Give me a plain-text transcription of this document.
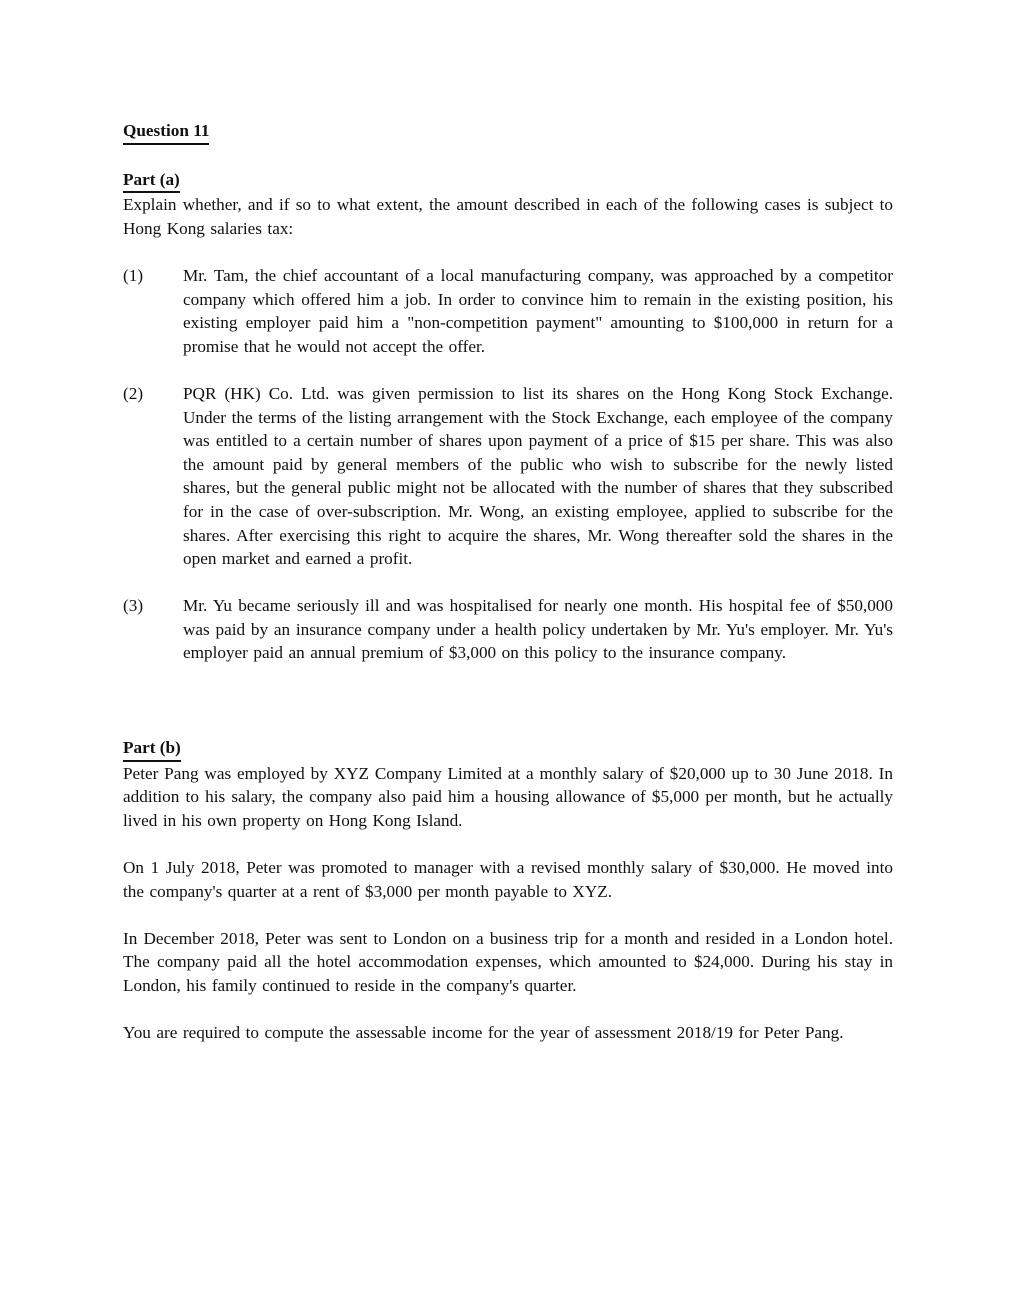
Question 11
Part (a)

Explain whether, and if so to what extent, the amount described in each of the following cases is subject to Hong Kong salaries tax:

(1)	Mr. Tam, the chief accountant of a local manufacturing company, was approached by a competitor company which offered him a job. In order to convince him to remain in the existing position, his existing employer paid him a "non-competition payment" amounting to $100,000 in return for a promise that he would not accept the offer.
(2)	PQR (HK) Co. Ltd. was given permission to list its shares on the Hong Kong Stock Exchange. Under the terms of the listing arrangement with the Stock Exchange, each employee of the company was entitled to a certain number of shares upon payment of a price of $15 per share. This was also the amount paid by general members of the public who wish to subscribe for the newly listed shares, but the general public might not be allocated with the number of shares that they subscribed for in the case of over-subscription. Mr. Wong, an existing employee, applied to subscribe for the shares. After exercising this right to acquire the shares, Mr. Wong thereafter sold the shares in the open market and earned a profit.
(3)	Mr. Yu became seriously ill and was hospitalised for nearly one month. His hospital fee of $50,000 was paid by an insurance company under a health policy undertaken by Mr. Yu's employer. Mr. Yu's employer paid an annual premium of $3,000 on this policy to the insurance company.
Part (b)

Peter Pang was employed by XYZ Company Limited at a monthly salary of $20,000 up to 30 June 2018. In addition to his salary, the company also paid him a housing allowance of $5,000 per month, but he actually lived in his own property on Hong Kong Island.

On 1 July 2018, Peter was promoted to manager with a revised monthly salary of $30,000. He moved into the company's quarter at a rent of $3,000 per month payable to XYZ.

In December 2018, Peter was sent to London on a business trip for a month and resided in a London hotel. The company paid all the hotel accommodation expenses, which amounted to $24,000. During his stay in London, his family continued to reside in the company's quarter.

You are required to compute the assessable income for the year of assessment 2018/19 for Peter Pang.
